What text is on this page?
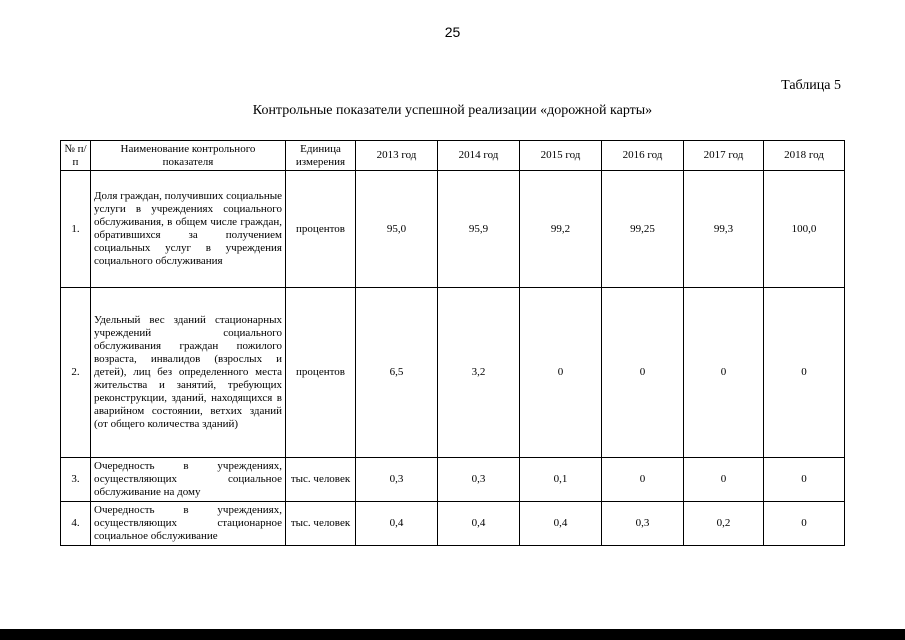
25
Таблица 5
Контрольные показатели успешной реализации «дорожной карты»
№ п/п	Наименование контрольного показателя	Единица измерения	2013 год	2014 год	2015 год	2016 год	2017 год	2018 год
1.	Доля граждан, получивших социальные услуги в учреждениях социального обслуживания, в общем числе граждан, обратившихся за получением социальных услуг в учреждения социального обслуживания	процентов	95,0	95,9	99,2	99,25	99,3	100,0
2.	Удельный вес зданий стационарных учреждений социального обслуживания граждан пожилого возраста, инвалидов (взрослых и детей), лиц без определенного места жительства и занятий, требующих реконструкции, зданий, находящихся в аварийном состоянии, ветхих зданий (от общего количества зданий)	процентов	6,5	3,2	0	0	0	0
3.	Очередность в учреждениях, осуществляющих социальное обслуживание на дому	тыс. человек	0,3	0,3	0,1	0	0	0
4.	Очередность в учреждениях, осуществляющих стационарное социальное обслуживание	тыс. человек	0,4	0,4	0,4	0,3	0,2	0
